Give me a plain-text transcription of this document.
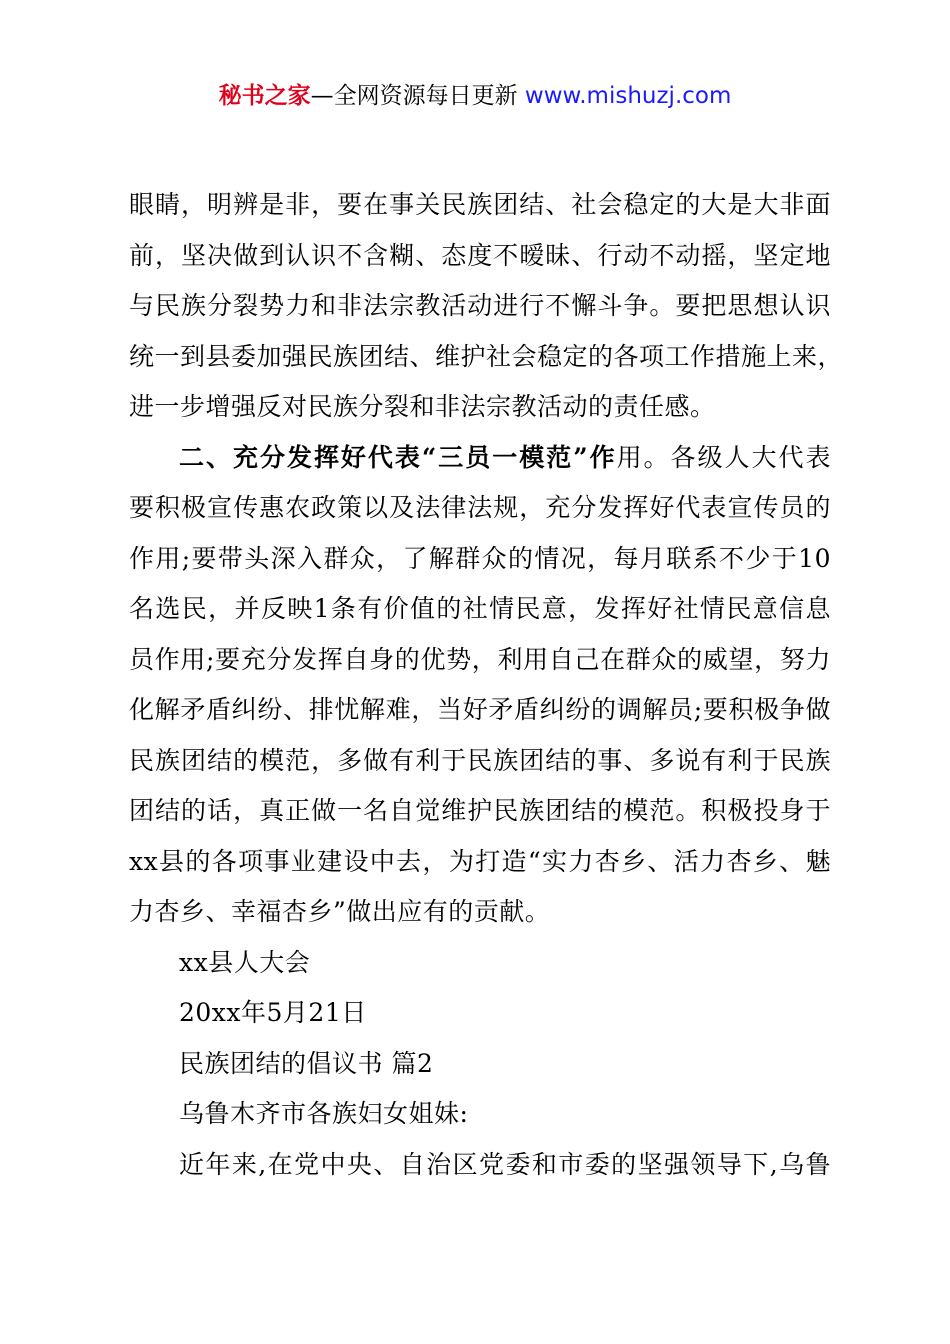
秘书之家—全网资源每日更新 www.mishuzj.com
眼睛，明辨是非，要在事关民族团结、社会稳定的大是大非面
前，坚决做到认识不含糊、态度不暧昧、行动不动摇，坚定地
与民族分裂势力和非法宗教活动进行不懈斗争。要把思想认识
统一到县委加强民族团结、维护社会稳定的各项工作措施上来，
进一步增强反对民族分裂和非法宗教活动的责任感。
二、充分发挥好代表“三员一模范”作用。各级人大代表
要积极宣传惠农政策以及法律法规，充分发挥好代表宣传员的
作用;要带头深入群众，了解群众的情况，每月联系不少于10
名选民，并反映1条有价值的社情民意，发挥好社情民意信息
员作用;要充分发挥自身的优势，利用自己在群众的威望，努力
化解矛盾纠纷、排忧解难，当好矛盾纠纷的调解员;要积极争做
民族团结的模范，多做有利于民族团结的事、多说有利于民族
团结的话，真正做一名自觉维护民族团结的模范。积极投身于
xx县的各项事业建设中去，为打造“实力杏乡、活力杏乡、魅
力杏乡、幸福杏乡”做出应有的贡献。
xx县人大会
20xx年5月21日
民族团结的倡议书 篇2
乌鲁木齐市各族妇女姐妹:
近年来,在党中央、自治区党委和市委的坚强领导下,乌鲁
